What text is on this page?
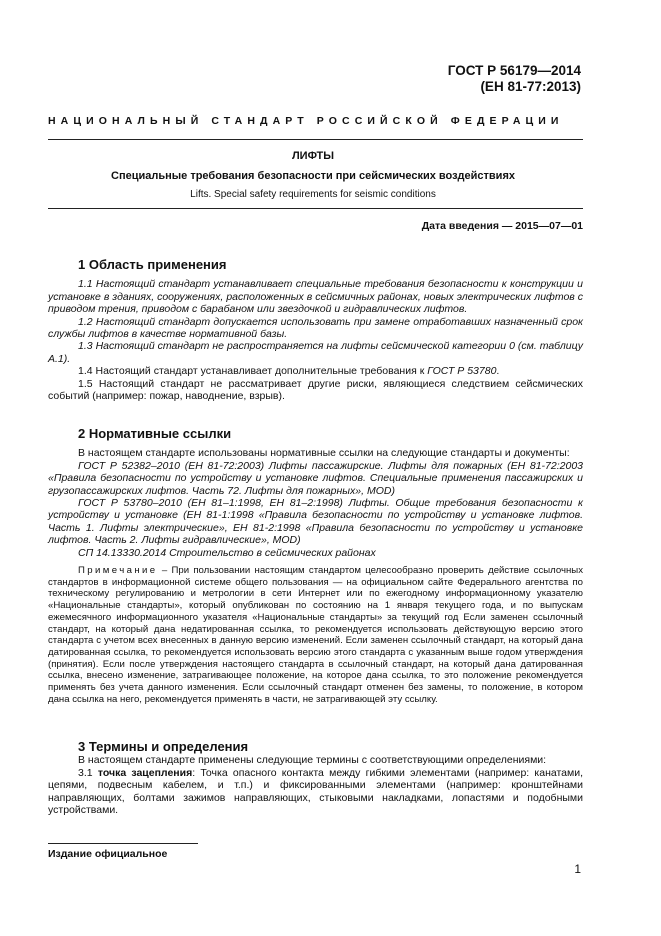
ГОСТ Р 56179—2014
(ЕН 81-77:2013)
НАЦИОНАЛЬНЫЙ СТАНДАРТ РОССИЙСКОЙ ФЕДЕРАЦИИ
ЛИФТЫ
Специальные требования безопасности при сейсмических воздействиях
Lifts. Special safety requirements for seismic conditions
Дата введения — 2015—07—01

1 Область применения

1.1 Настоящий стандарт устанавливает специальные требования безопасности к конструкции и установке в зданиях, сооружениях, расположенных в сейсмичных районах, новых электрических лифтов с приводом трения, приводом с барабаном или звездочкой и гидравлических лифтов.

1.2 Настоящий стандарт допускается использовать при замене отработавших назначенный срок службы лифтов в качестве нормативной базы.

1.3 Настоящий стандарт не распространяется на лифты сейсмической категории 0 (см. таблицу А.1).

1.4 Настоящий стандарт устанавливает дополнительные требования к ГОСТ Р 53780.

1.5 Настоящий стандарт не рассматривает другие риски, являющиеся следствием сейсмических событий (например: пожар, наводнение, взрыв).

2 Нормативные ссылки

В настоящем стандарте использованы нормативные ссылки на следующие стандарты и документы:

ГОСТ Р 52382–2010 (ЕН 81-72:2003) Лифты пассажирские. Лифты для пожарных (ЕН 81-72:2003 «Правила безопасности по устройству и установке лифтов. Специальные применения пассажирских и грузопассажирских лифтов. Часть 72. Лифты для пожарных», MOD)

ГОСТ Р 53780–2010 (ЕН 81–1:1998, ЕН 81–2:1998) Лифты. Общие требования безопасности к устройству и установке (ЕН 81-1:1998 «Правила безопасности по устройству и установке лифтов. Часть 1. Лифты электрические», ЕН 81-2:1998 «Правила безопасности по устройству и установке лифтов. Часть 2. Лифты гидравлические», MOD)

СП 14.13330.2014 Строительство в сейсмических районах

Примечание – При пользовании настоящим стандартом целесообразно проверить действие ссылочных стандартов в информационной системе общего пользования — на официальном сайте Федерального агентства по техническому регулированию и метрологии в сети Интернет или по ежегодному информационному указателю «Национальные стандарты», который опубликован по состоянию на 1 января текущего года, и по выпускам ежемесячного информационного указателя «Национальные стандарты» за текущий год Если заменен ссылочный стандарт, на который дана недатированная ссылка, то рекомендуется использовать действующую версию этого стандарта с учетом всех внесенных в данную версию изменений. Если заменен ссылочный стандарт, на который дана датированная ссылка, то рекомендуется использовать версию этого стандарта с указанным выше годом утверждения (принятия). Если после утверждения настоящего стандарта в ссылочный стандарт, на который дана датированная ссылка, внесено изменение, затрагивающее положение, на которое дана ссылка, то это положение рекомендуется применять без учета данного изменения. Если ссылочный стандарт отменен без замены, то положение, в котором дана ссылка на него, рекомендуется применять в части, не затрагивающей эту ссылку.

3 Термины и определения

В настоящем стандарте применены следующие термины с соответствующими определениями:

3.1 точка зацепления: Точка опасного контакта между гибкими элементами (например: канатами, цепями, подвесным кабелем, и т.п.) и фиксированными элементами (например: кронштейнами направляющих, болтами зажимов направляющих, стыковыми накладками, лопастями и подобными устройствами.

Издание официальное
1
